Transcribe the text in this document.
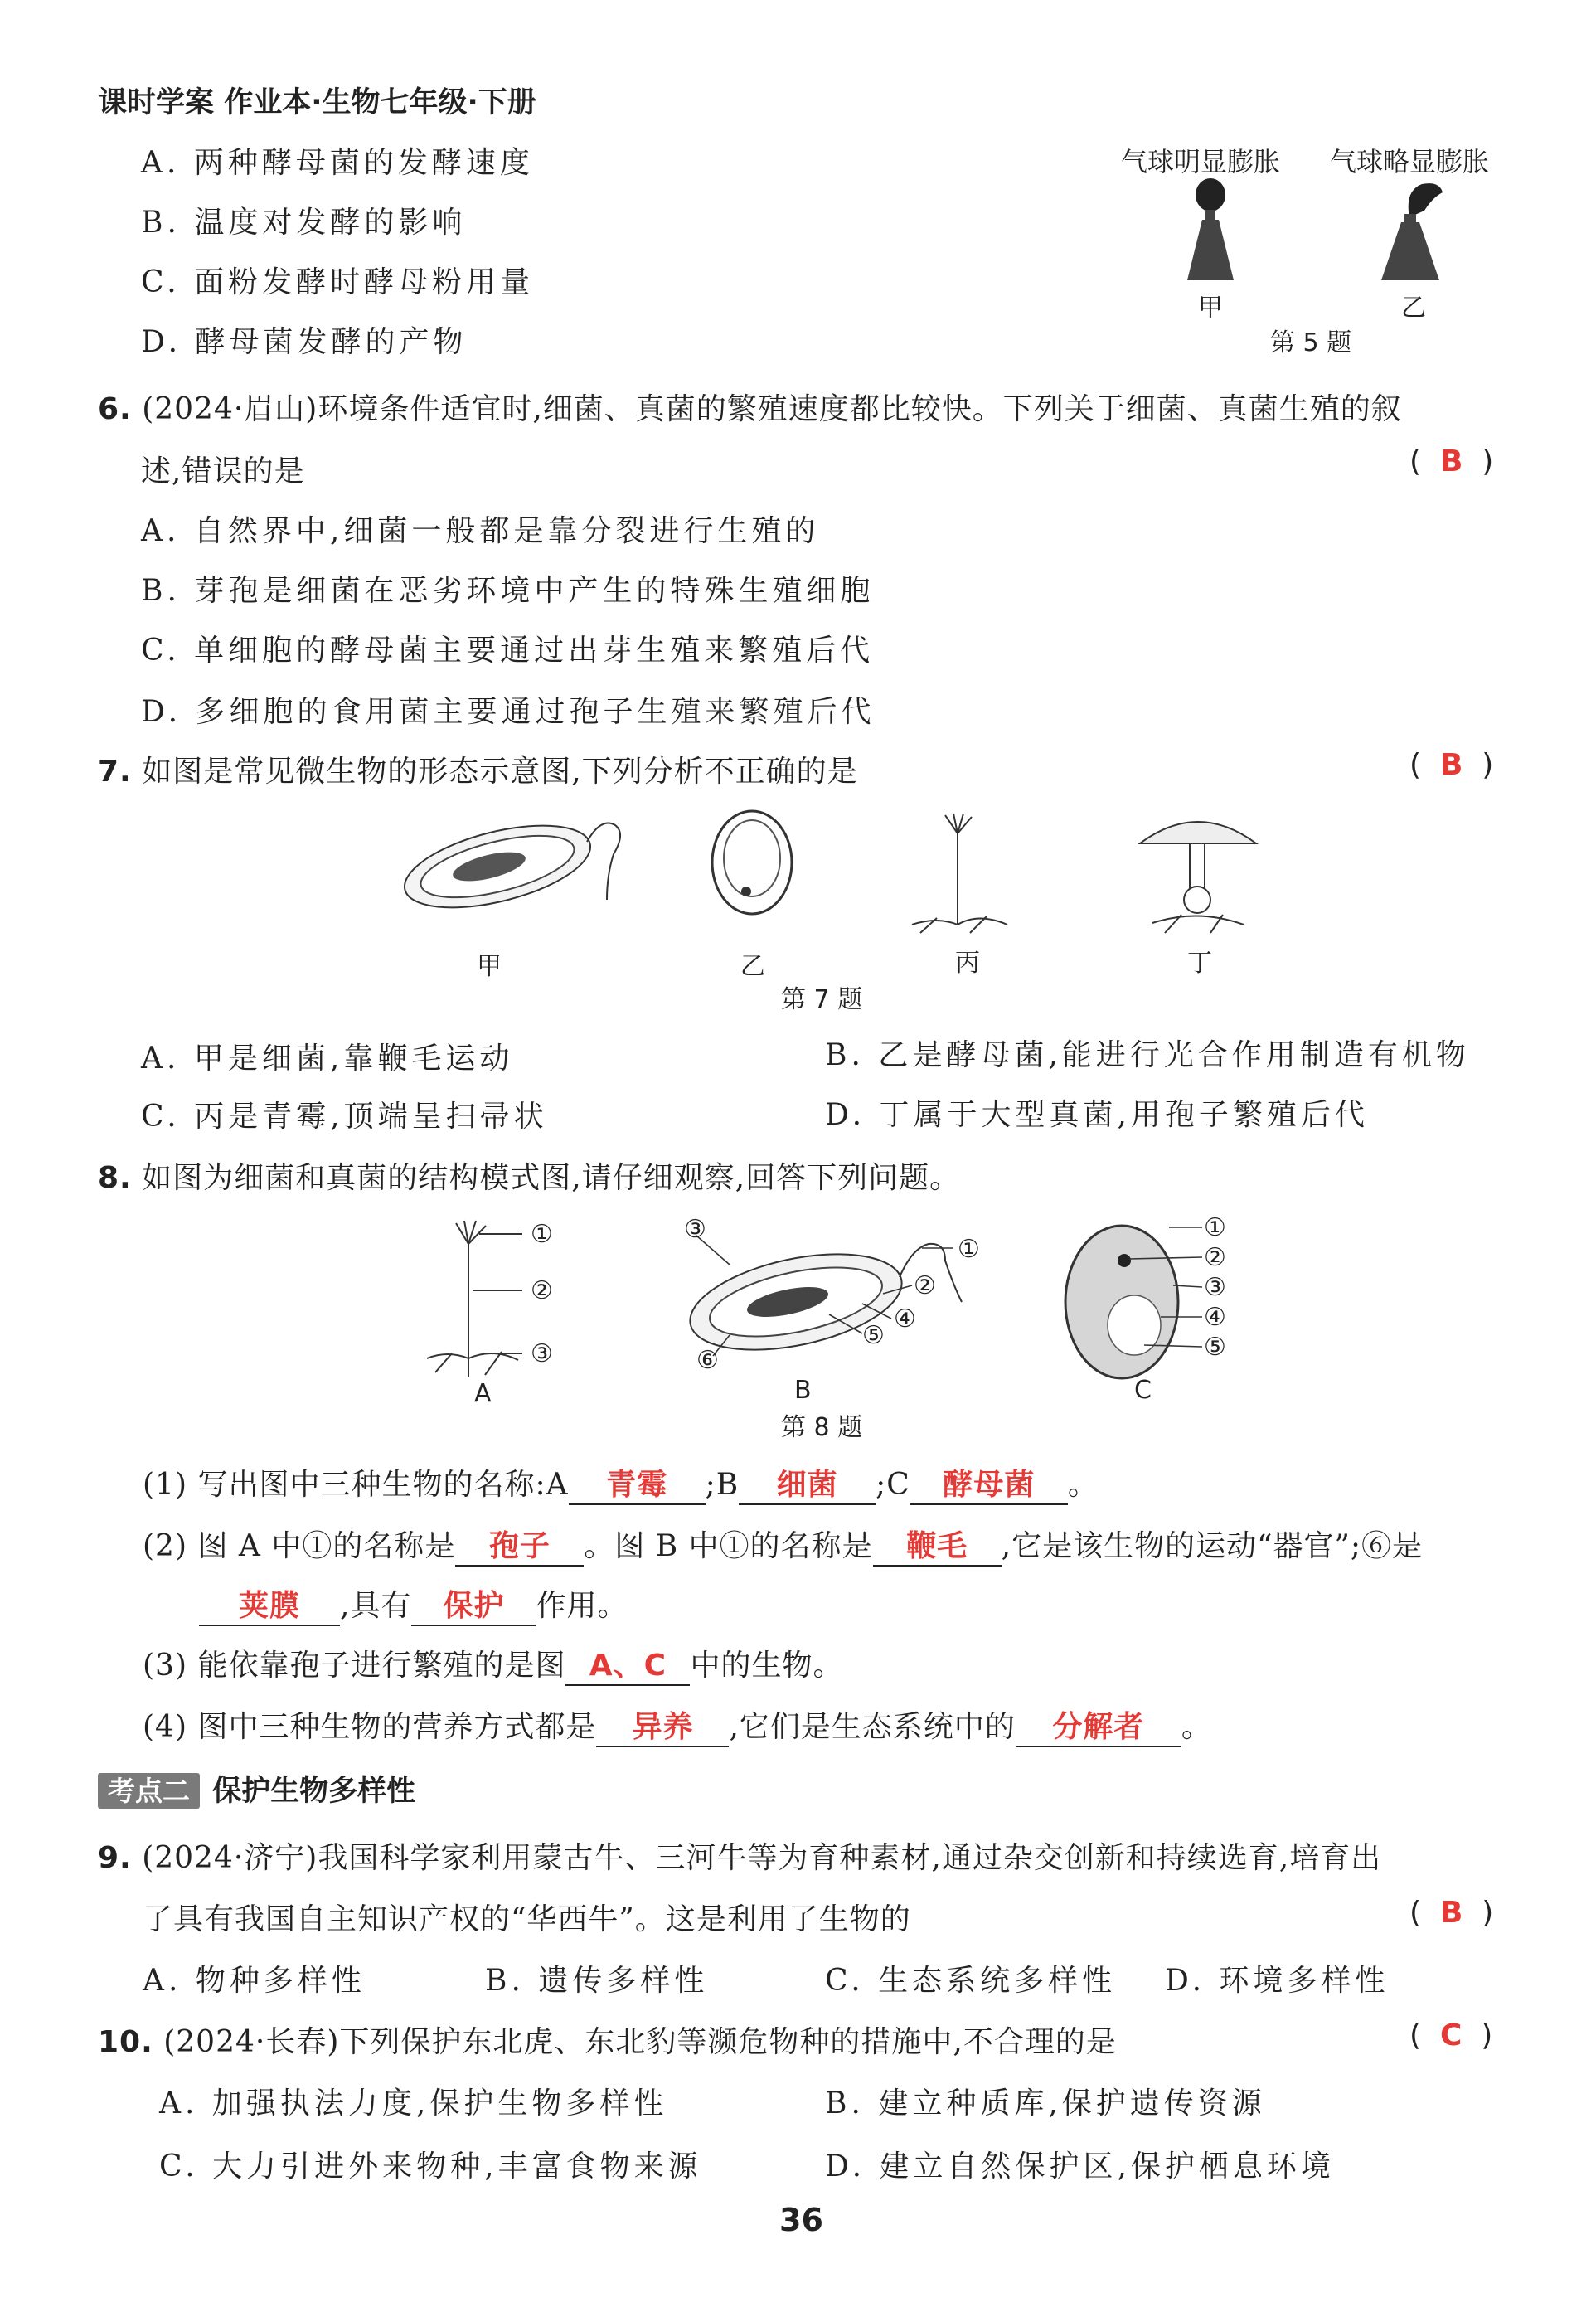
课时学案 作业本·生物七年级·下册
A. 两种酵母菌的发酵速度
B. 温度对发酵的影响
C. 面粉发酵时酵母粉用量
D. 酵母菌发酵的产物
气球明显膨胀 气球略显膨胀
甲	乙
第 5 题
6. (2024·眉山)环境条件适宜时,细菌、真菌的繁殖速度都比较快。下列关于细菌、真菌生殖的叙
述,错误的是	(  B  )
A. 自然界中,细菌一般都是靠分裂进行生殖的
B. 芽孢是细菌在恶劣环境中产生的特殊生殖细胞
C. 单细胞的酵母菌主要通过出芽生殖来繁殖后代
D. 多细胞的食用菌主要通过孢子生殖来繁殖后代
7. 如图是常见微生物的形态示意图,下列分析不正确的是	(  B  )
甲	乙	丙	丁
第 7 题
A. 甲是细菌,靠鞭毛运动	B. 乙是酵母菌,能进行光合作用制造有机物
C. 丙是青霉,顶端呈扫帚状	D. 丁属于大型真菌,用孢子繁殖后代
8. 如图为细菌和真菌的结构模式图,请仔细观察,回答下列问题。
①
②
③
③
①
②
④
⑤
⑥
①
②
③
④
⑤
A	B	C
第 8 题
(1) 写出图中三种生物的名称:A 青霉 ;B 细菌 ;C 酵母菌 。
(2) 图 A 中①的名称是 孢子 。图 B 中①的名称是 鞭毛 ,它是该生物的运动“器官”;⑥是
荚膜 ,具有 保护 作用。
(3) 能依靠孢子进行繁殖的是图 A、C 中的生物。
(4) 图中三种生物的营养方式都是 异养 ,它们是生态系统中的 分解者 。
考点二 保护生物多样性
9. (2024·济宁)我国科学家利用蒙古牛、三河牛等为育种素材,通过杂交创新和持续选育,培育出
了具有我国自主知识产权的“华西牛”。这是利用了生物的	(  B  )
A. 物种多样性	B. 遗传多样性	C. 生态系统多样性 D. 环境多样性
10. (2024·长春)下列保护东北虎、东北豹等濒危物种的措施中,不合理的是	(  C  )
A. 加强执法力度,保护生物多样性	B. 建立种质库,保护遗传资源
C. 大力引进外来物种,丰富食物来源	D. 建立自然保护区,保护栖息环境
36
